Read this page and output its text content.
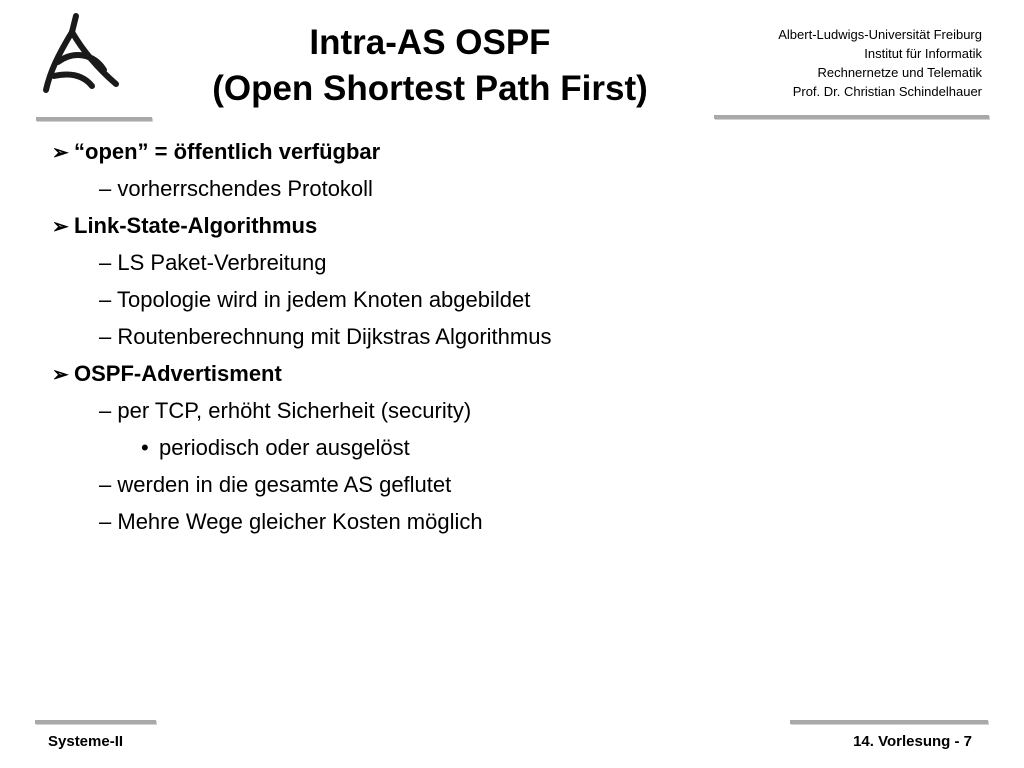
Intra-AS OSPF
(Open Shortest Path First)
Albert-Ludwigs-Universität Freiburg
Institut für Informatik
Rechnernetze und Telematik
Prof. Dr. Christian Schindelhauer
➢ “open” = öffentlich verfügbar
– vorherrschendes Protokoll
➢ Link-State-Algorithmus
– LS Paket-Verbreitung
– Topologie wird in jedem Knoten abgebildet
– Routenberechnung mit Dijkstras Algorithmus
➢ OSPF-Advertisment
– per TCP, erhöht Sicherheit (security)
• periodisch oder ausgelöst
– werden in die gesamte AS geflutet
– Mehre Wege gleicher Kosten möglich
Systeme-II	14. Vorlesung - 7
